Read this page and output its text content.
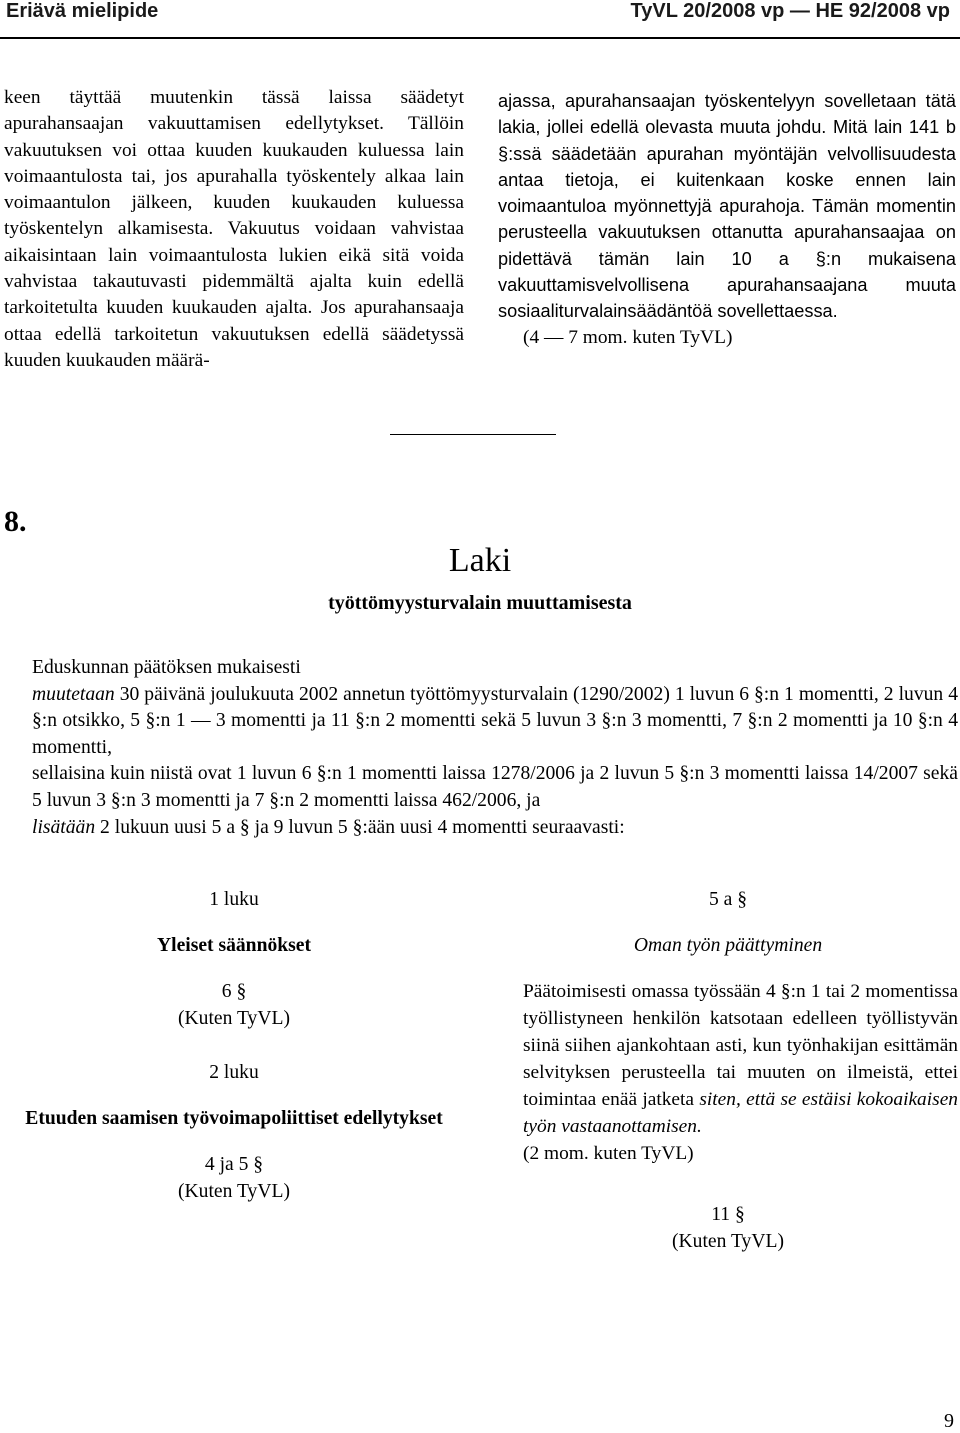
Eriävä mielipide	TyVL 20/2008 vp — HE 92/2008 vp
keen täyttää muutenkin tässä laissa säädetyt apurahansaajan vakuuttamisen edellytykset. Tällöin vakuutuksen voi ottaa kuuden kuukauden kuluessa lain voimaantulosta tai, jos apurahalla työskentely alkaa lain voimaantulon jälkeen, kuuden kuukauden kuluessa työskentelyn alkamisesta. Vakuutus voidaan vahvistaa aikaisintaan lain voimaantulosta lukien eikä sitä voida vahvistaa takautuvasti pidemmältä ajalta kuin edellä tarkoitetulta kuuden kuukauden ajalta. Jos apurahansaaja ottaa edellä tarkoitetun vakuutuksen edellä säädetyssä kuuden kuukauden määrä-
ajassa, apurahansaajan työskentelyyn sovelletaan tätä lakia, jollei edellä olevasta muuta johdu. Mitä lain 141 b §:ssä säädetään apurahan myöntäjän velvollisuudesta antaa tietoja, ei kuitenkaan koske ennen lain voimaantuloa myönnettyjä apurahoja. Tämän momentin perusteella vakuutuksen ottanutta apurahansaajaa on pidettävä tämän lain 10 a §:n mukaisena vakuuttamisvelvollisena apurahansaajana muuta sosiaaliturvalainsäädäntöä sovellettaessa.
(4 — 7 mom. kuten TyVL)
8.
Laki
työttömyysturvalain muuttamisesta

Eduskunnan päätöksen mukaisesti

muutetaan 30 päivänä joulukuuta 2002 annetun työttömyysturvalain (1290/2002) 1 luvun 6 §:n 1 momentti, 2 luvun 4 §:n otsikko, 5 §:n 1 — 3 momentti ja 11 §:n 2 momentti sekä 5 luvun 3 §:n 3 momentti, 7 §:n 2 momentti ja 10 §:n 4 momentti,

sellaisina kuin niistä ovat 1 luvun 6 §:n 1 momentti laissa 1278/2006 ja 2 luvun 5 §:n 3 momentti laissa 14/2007 sekä 5 luvun 3 §:n 3 momentti ja 7 §:n 2 momentti laissa 462/2006, ja

lisätään 2 lukuun uusi 5 a § ja 9 luvun 5 §:ään uusi 4 momentti seuraavasti:

1 luku
Yleiset säännökset
6 §
(Kuten TyVL)
2 luku
Etuuden saamisen työvoimapoliittiset edellytykset
4 ja 5 §
(Kuten TyVL)
5 a §
Oman työn päättyminen
Päätoimisesti omassa työssään 4 §:n 1 tai 2 momentissa työllistyneen henkilön katsotaan edelleen työllistyvän siinä siihen ajankohtaan asti, kun työnhakijan esittämän selvityksen perusteella tai muuten on ilmeistä, ettei toimintaa enää jatketa siten, että se estäisi kokoaikaisen työn vastaanottamisen.
(2 mom. kuten TyVL)
11 §
(Kuten TyVL)
9
